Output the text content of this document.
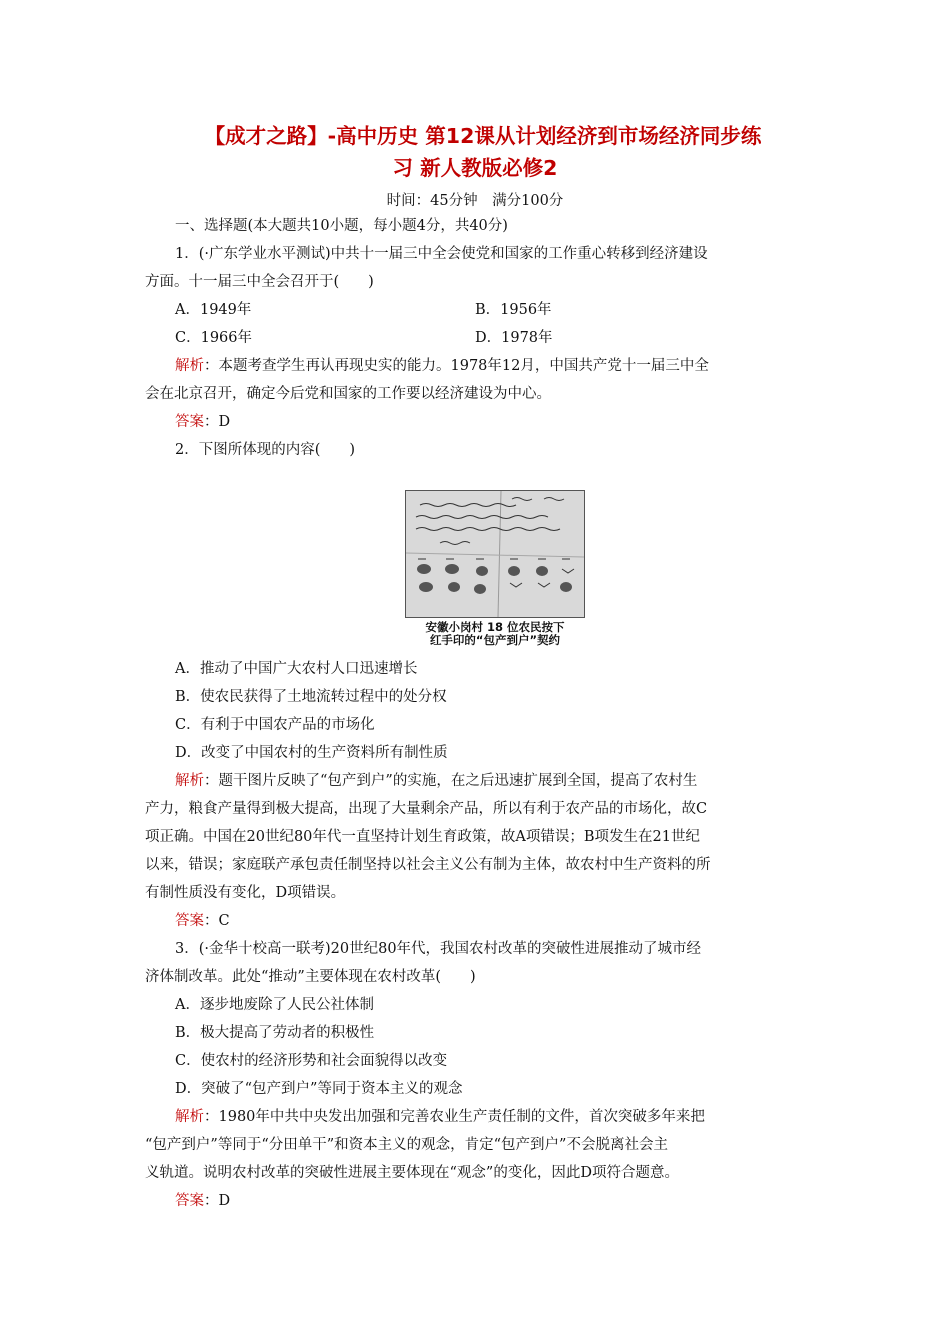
【成才之路】-高中历史 第12课从计划经济到市场经济同步练
习 新人教版必修2
时间：45分钟　满分100分

一、选择题(本大题共10小题，每小题4分，共40分)

1．(·广东学业水平测试)中共十一届三中全会使党和国家的工作重心转移到经济建设

方面。十一届三中全会召开于(　　)

A．1949年	B．1956年
C．1966年	D．1978年

解析：本题考查学生再认再现史实的能力。1978年12月，中国共产党十一届三中全

会在北京召开，确定今后党和国家的工作要以经济建设为中心。

答案：D

2．下图所体现的内容(　　)

安徽小岗村 18 位农民按下
红手印的“包产到户”契约
A．推动了中国广大农村人口迅速增长
B．使农民获得了土地流转过程中的处分权
C．有利于中国农产品的市场化
D．改变了中国农村的生产资料所有制性质

解析：题干图片反映了“包产到户”的实施，在之后迅速扩展到全国，提高了农村生

产力，粮食产量得到极大提高，出现了大量剩余产品，所以有利于农产品的市场化，故C

项正确。中国在20世纪80年代一直坚持计划生育政策，故A项错误；B项发生在21世纪

以来，错误；家庭联产承包责任制坚持以社会主义公有制为主体，故农村中生产资料的所

有制性质没有变化，D项错误。

答案：C

3．(·金华十校高一联考)20世纪80年代，我国农村改革的突破性进展推动了城市经

济体制改革。此处“推动”主要体现在农村改革(　　)

A．逐步地废除了人民公社体制
B．极大提高了劳动者的积极性
C．使农村的经济形势和社会面貌得以改变
D．突破了“包产到户”等同于资本主义的观念

解析：1980年中共中央发出加强和完善农业生产责任制的文件，首次突破多年来把

“包产到户”等同于“分田单干”和资本主义的观念，肯定“包产到户”不会脱离社会主

义轨道。说明农村改革的突破性进展主要体现在“观念”的变化，因此D项符合题意。

答案：D
